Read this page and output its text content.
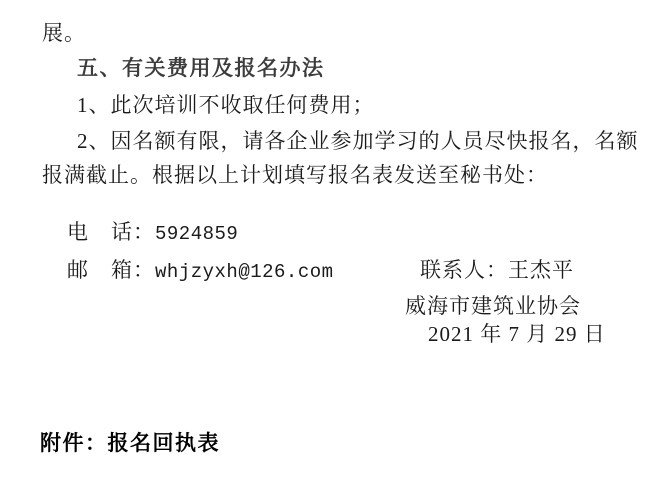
展。
五、有关费用及报名办法
1、此次培训不收取任何费用；
2、因名额有限，请各企业参加学习的人员尽快报名，名额
报满截止。根据以上计划填写报名表发送至秘书处：

电　话：5924859

邮　箱：whjzyxh@126.com
	联系人：王杰平

威海市建筑业协会
2021 年 7 月 29 日
附件：报名回执表
